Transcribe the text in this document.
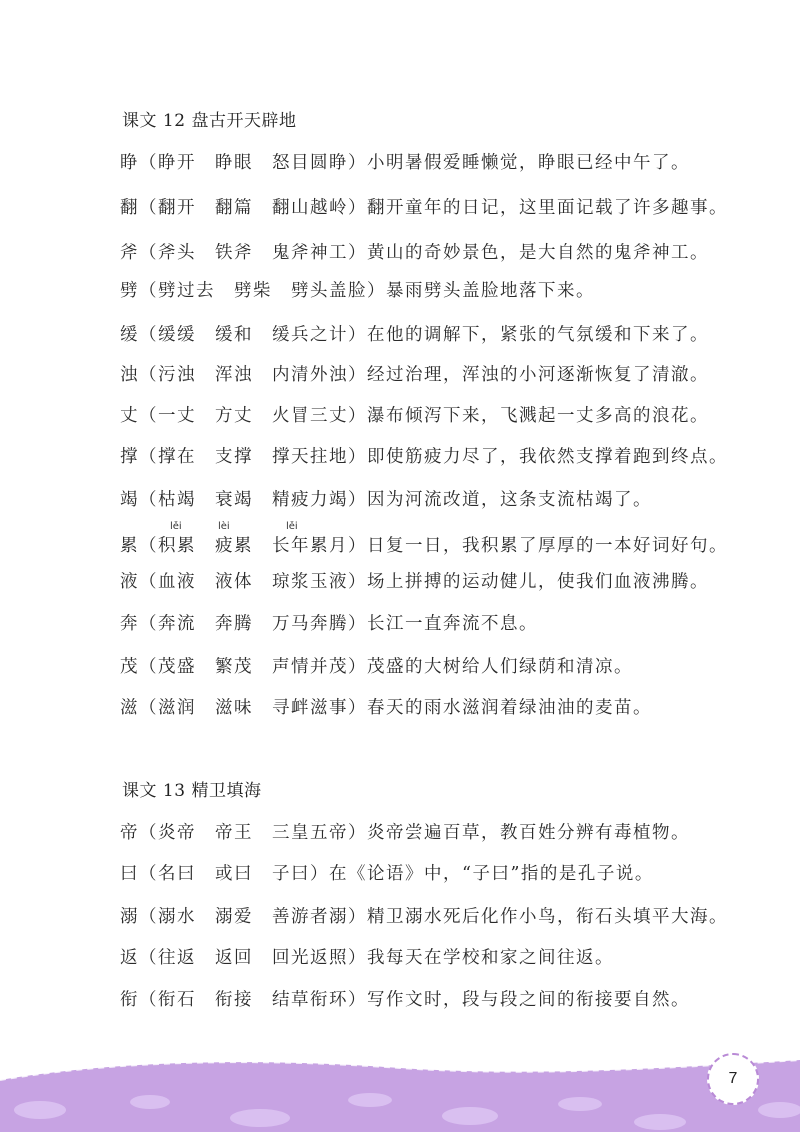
课文 12 盘古开天辟地
睁（睁开　睁眼　怒目圆睁）小明暑假爱睡懒觉，睁眼已经中午了。
翻（翻开　翻篇　翻山越岭）翻开童年的日记，这里面记载了许多趣事。
斧（斧头　铁斧　鬼斧神工）黄山的奇妙景色，是大自然的鬼斧神工。
劈（劈过去　劈柴　劈头盖脸）暴雨劈头盖脸地落下来。
缓（缓缓　缓和　缓兵之计）在他的调解下，紧张的气氛缓和下来了。
浊（污浊　浑浊　内清外浊）经过治理，浑浊的小河逐渐恢复了清澈。
丈（一丈　方丈　火冒三丈）瀑布倾泻下来，飞溅起一丈多高的浪花。
撑（撑在　支撑　撑天拄地）即使筋疲力尽了，我依然支撑着跑到终点。
竭（枯竭　衰竭　精疲力竭）因为河流改道，这条支流枯竭了。
lěi	lèi	lěi
累（积累　疲累　长年累月）日复一日，我积累了厚厚的一本好词好句。
液（血液　液体　琼浆玉液）场上拼搏的运动健儿，使我们血液沸腾。
奔（奔流　奔腾　万马奔腾）长江一直奔流不息。
茂（茂盛　繁茂　声情并茂）茂盛的大树给人们绿荫和清凉。
滋（滋润　滋味　寻衅滋事）春天的雨水滋润着绿油油的麦苗。
课文 13 精卫填海
帝（炎帝　帝王　三皇五帝）炎帝尝遍百草，教百姓分辨有毒植物。
曰（名曰　或曰　子曰）在《论语》中，“子曰”指的是孔子说。
溺（溺水　溺爱　善游者溺）精卫溺水死后化作小鸟，衔石头填平大海。
返（往返　返回　回光返照）我每天在学校和家之间往返。
衔（衔石　衔接　结草衔环）写作文时，段与段之间的衔接要自然。
7
